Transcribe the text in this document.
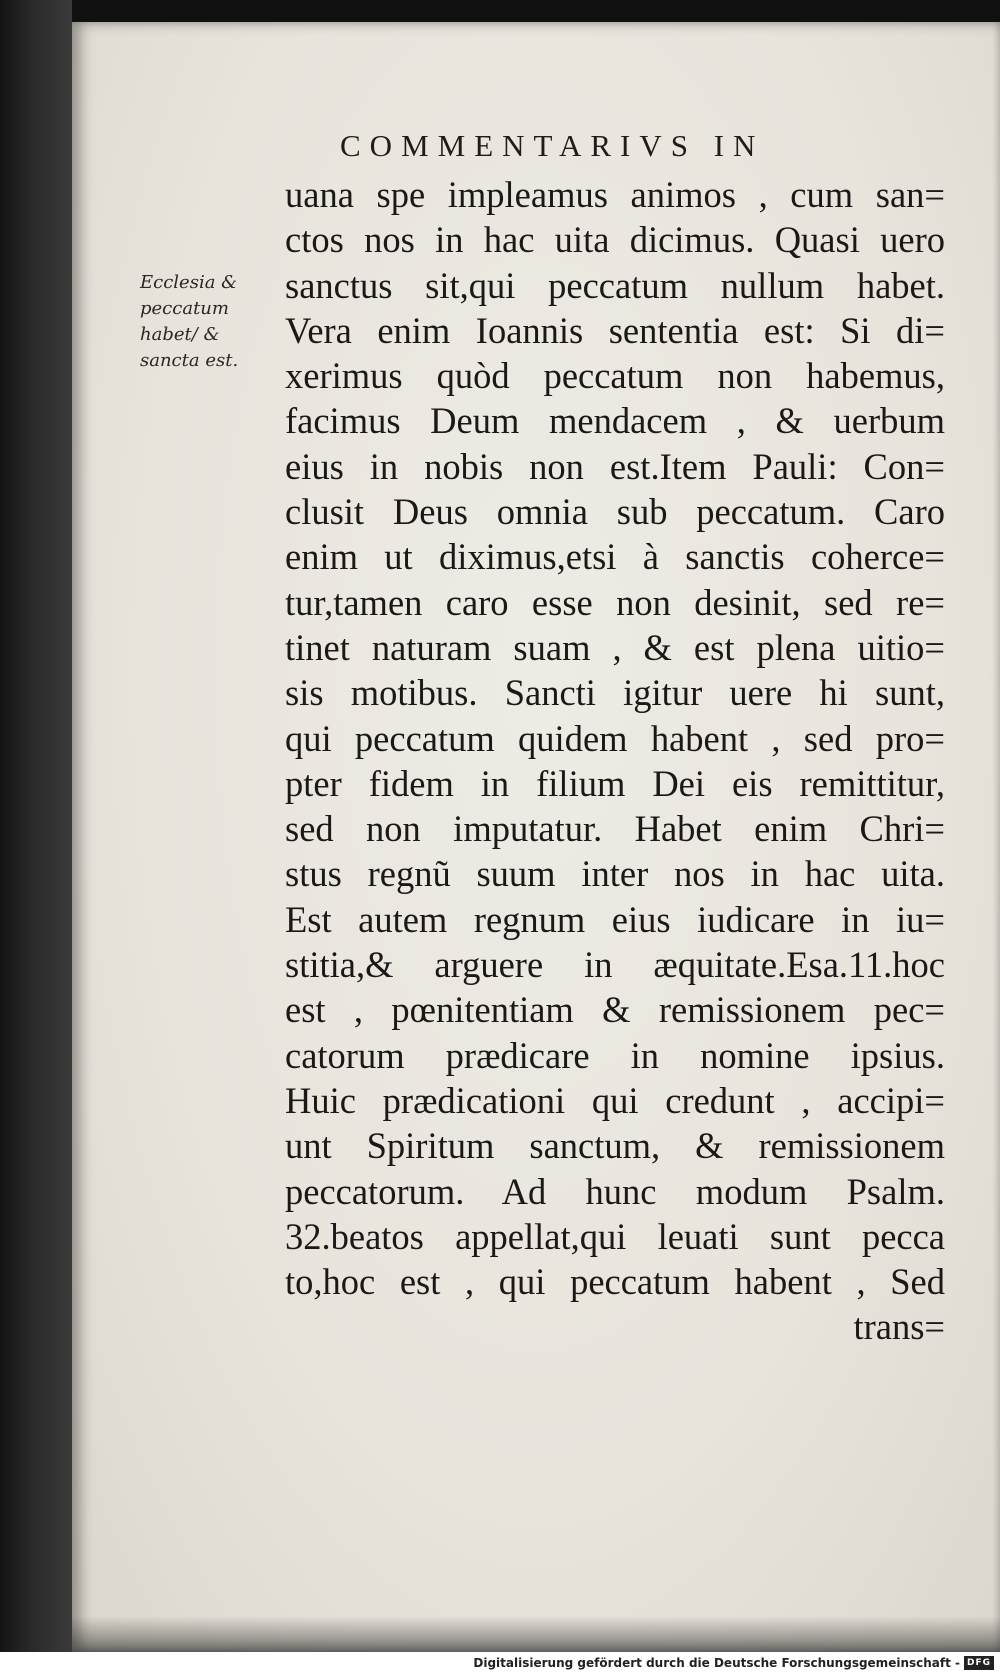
COMMENTARIVS IN
Ecclesia &
peccatum
habet/ &
sancta est.
uana spe impleamus animos , cum san=
ctos nos in hac uita dicimus. Quasi uero
sanctus sit,qui peccatum nullum habet.
Vera enim Ioannis sententia est: Si di=
xerimus quòd peccatum non habemus,
facimus Deum mendacem , & uerbum
eius in nobis non est.Item Pauli: Con=
clusit Deus omnia sub peccatum. Caro
enim ut diximus,etsi à sanctis coherce=
tur,tamen caro esse non desinit, sed re=
tinet naturam suam , & est plena uitio=
sis motibus. Sancti igitur uere hi sunt,
qui peccatum quidem habent , sed pro=
pter fidem in filium Dei eis remittitur,
sed non imputatur. Habet enim Chri=
stus regnũ suum inter nos in hac uita.
Est autem regnum eius iudicare in iu=
stitia,& arguere in æquitate.Esa.11.hoc
est , pœnitentiam & remissionem pec=
catorum prædicare in nomine ipsius.
Huic prædicationi qui credunt , accipi=
unt Spiritum sanctum, & remissionem
peccatorum. Ad hunc modum Psalm.
32.beatos appellat,qui leuati sunt pecca
to,hoc est , qui peccatum habent , Sed
trans=
Digitalisierung gefördert durch die Deutsche Forschungsgemeinschaft - DFG
